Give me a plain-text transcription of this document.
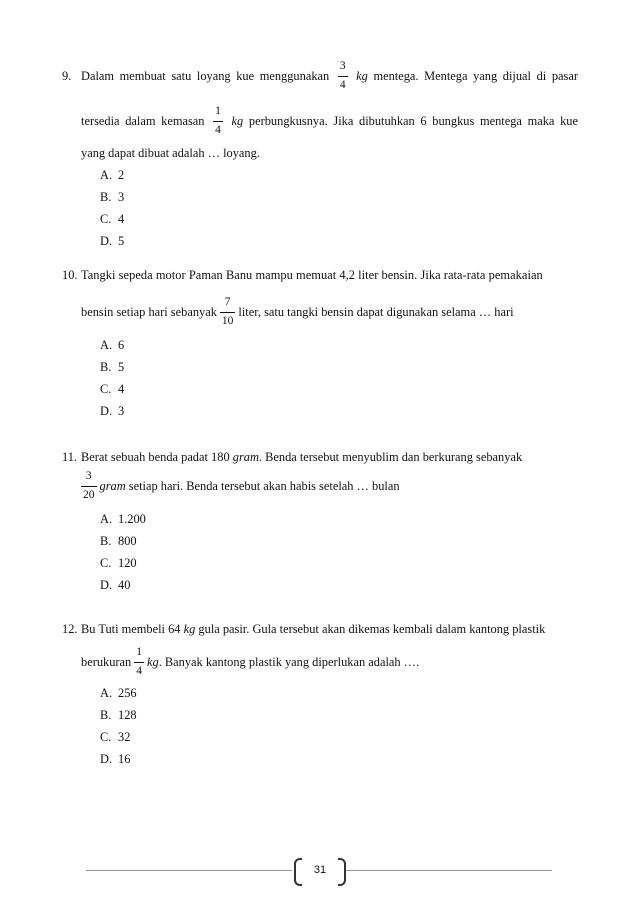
9. Dalam membuat satu loyang kue menggunakan $\frac{3}{4}$ kg mentega. Mentega yang dijual di pasar
tersedia dalam kemasan $\frac{1}{4}$ kg perbungkusnya. Jika dibutuhkan 6 bungkus mentega maka kue
yang dapat dibuat adalah … loyang.
A. 2
B. 3
C. 4
D. 5
10. Tangki sepeda motor Paman Banu mampu memuat 4,2 liter bensin. Jika rata-rata pemakaian
bensin setiap hari sebanyak $\frac{7}{10}$ liter, satu tangki bensin dapat digunakan selama … hari
A. 6
B. 5
C. 4
D. 3
11. Berat sebuah benda padat 180 gram. Benda tersebut menyublim dan berkurang sebanyak
$\frac{3}{20}$ gram
setiap hari. Benda tersebut akan habis setelah … bulan
A. 1.200
B. 800
C. 120
D. 40
12. Bu Tuti membeli 64 kg gula pasir. Gula tersebut akan dikemas kembali dalam kantong plastik
berukuran $\frac{1}{4}$ kg . Banyak kantong plastik yang diperlukan adalah ….
A. 256
B. 128
C. 32
D. 16
31
